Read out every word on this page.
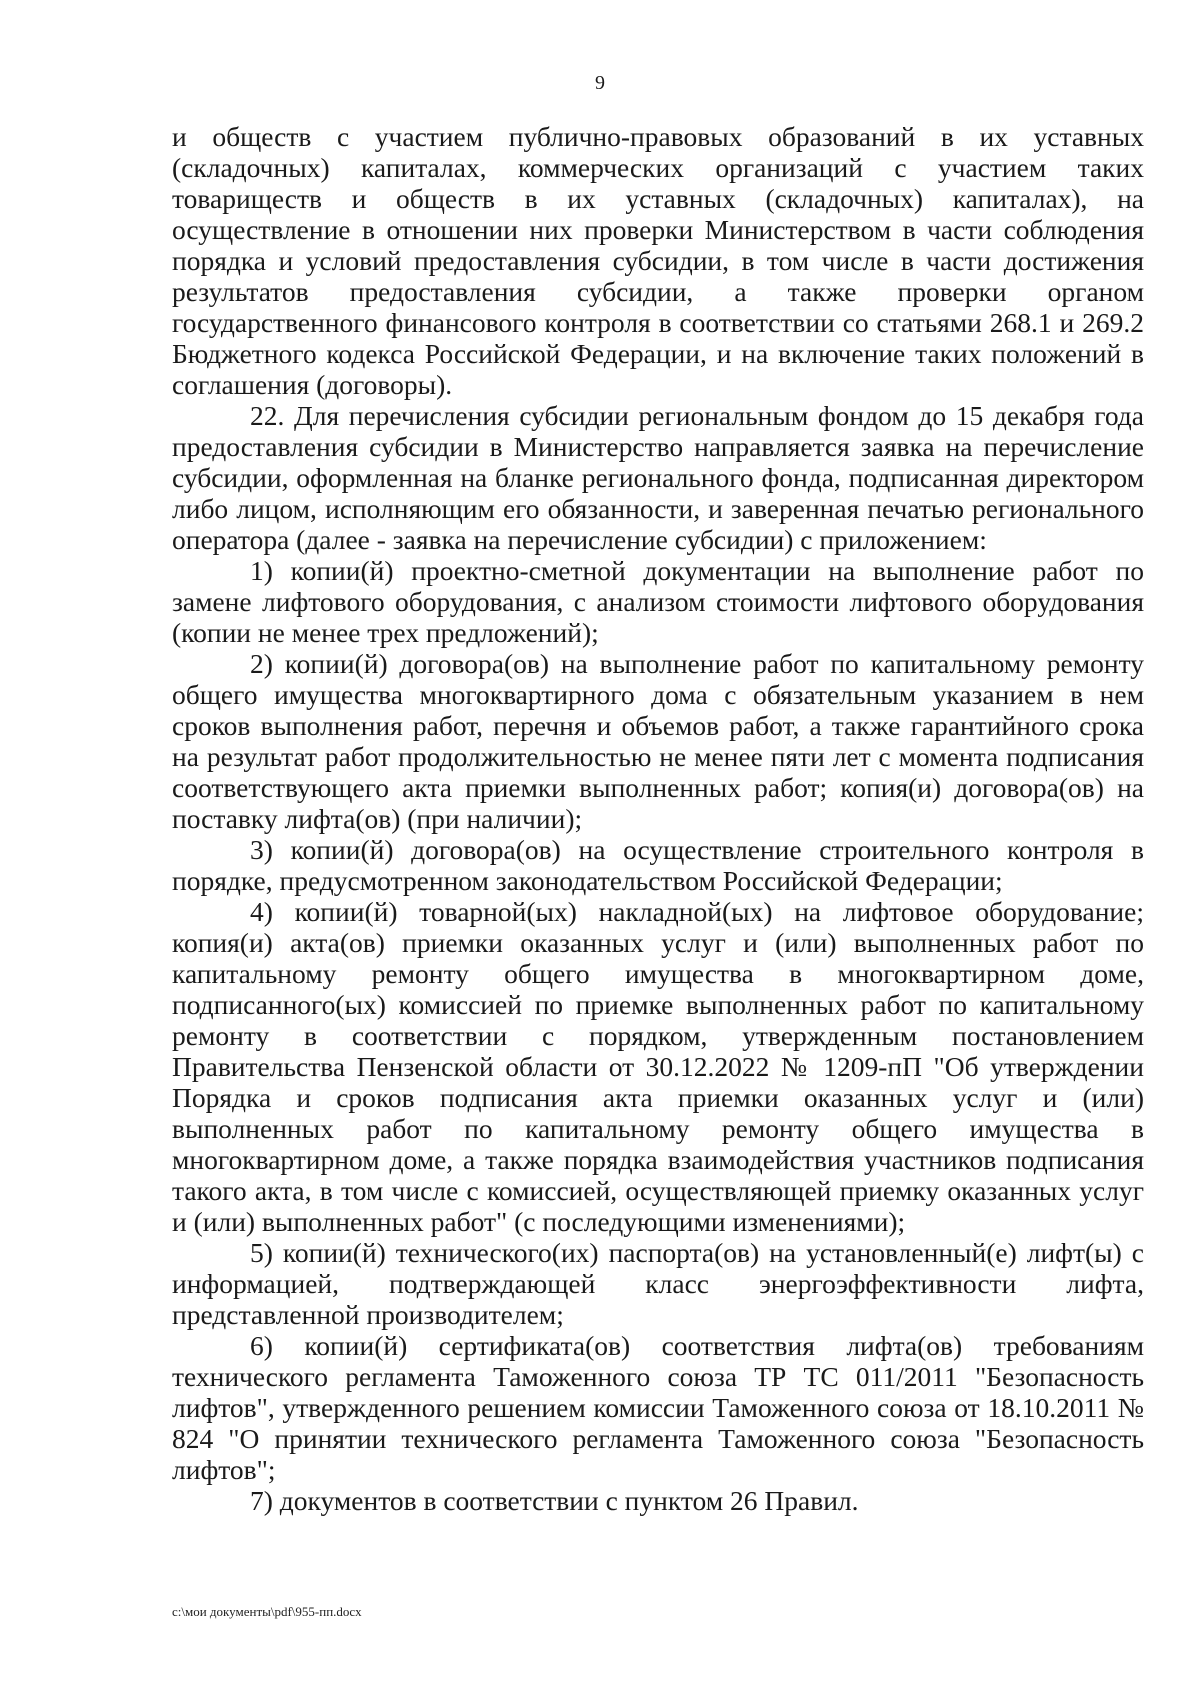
9

и обществ с участием публично-правовых образований в их уставных (складочных) капиталах, коммерческих организаций с участием таких товариществ и обществ в их уставных (складочных) капиталах), на осуществление в отношении них проверки Министерством в части соблюдения порядка и условий предоставления субсидии, в том числе в части достижения результатов предоставления субсидии, а также проверки органом государственного финансового контроля в соответствии со статьями 268.1 и 269.2 Бюджетного кодекса Российской Федерации, и на включение таких положений в соглашения (договоры).

22. Для перечисления субсидии региональным фондом до 15 декабря года предоставления субсидии в Министерство направляется заявка на перечисление субсидии, оформленная на бланке регионального фонда, подписанная директором либо лицом, исполняющим его обязанности, и заверенная печатью регионального оператора (далее - заявка на перечисление субсидии) с приложением:

1) копии(й) проектно-сметной документации на выполнение работ по замене лифтового оборудования, с анализом стоимости лифтового оборудования (копии не менее трех предложений);

2) копии(й) договора(ов) на выполнение работ по капитальному ремонту общего имущества многоквартирного дома с обязательным указанием в нем сроков выполнения работ, перечня и объемов работ, а также гарантийного срока на результат работ продолжительностью не менее пяти лет с момента подписания соответствующего акта приемки выполненных работ; копия(и) договора(ов) на поставку лифта(ов) (при наличии);

3) копии(й) договора(ов) на осуществление строительного контроля в порядке, предусмотренном законодательством Российской Федерации;

4) копии(й) товарной(ых) накладной(ых) на лифтовое оборудование; копия(и) акта(ов) приемки оказанных услуг и (или) выполненных работ по капитальному ремонту общего имущества в многоквартирном доме, подписанного(ых) комиссией по приемке выполненных работ по капитальному ремонту в соответствии с порядком, утвержденным постановлением Правительства Пензенской области от 30.12.2022 № 1209-пП "Об утверждении Порядка и сроков подписания акта приемки оказанных услуг и (или) выполненных работ по капитальному ремонту общего имущества в многоквартирном доме, а также порядка взаимодействия участников подписания такого акта, в том числе с комиссией, осуществляющей приемку оказанных услуг и (или) выполненных работ" (с последующими изменениями);

5) копии(й) технического(их) паспорта(ов) на установленный(е) лифт(ы) с информацией, подтверждающей класс энергоэффективности лифта, представленной производителем;

6) копии(й) сертификата(ов) соответствия лифта(ов) требованиям технического регламента Таможенного союза ТР ТС 011/2011 "Безопасность лифтов", утвержденного решением комиссии Таможенного союза от 18.10.2011 № 824 "О принятии технического регламента Таможенного союза "Безопасность лифтов";

7) документов в соответствии с пунктом 26 Правил.

c:\мои документы\pdf\955-пп.docx
